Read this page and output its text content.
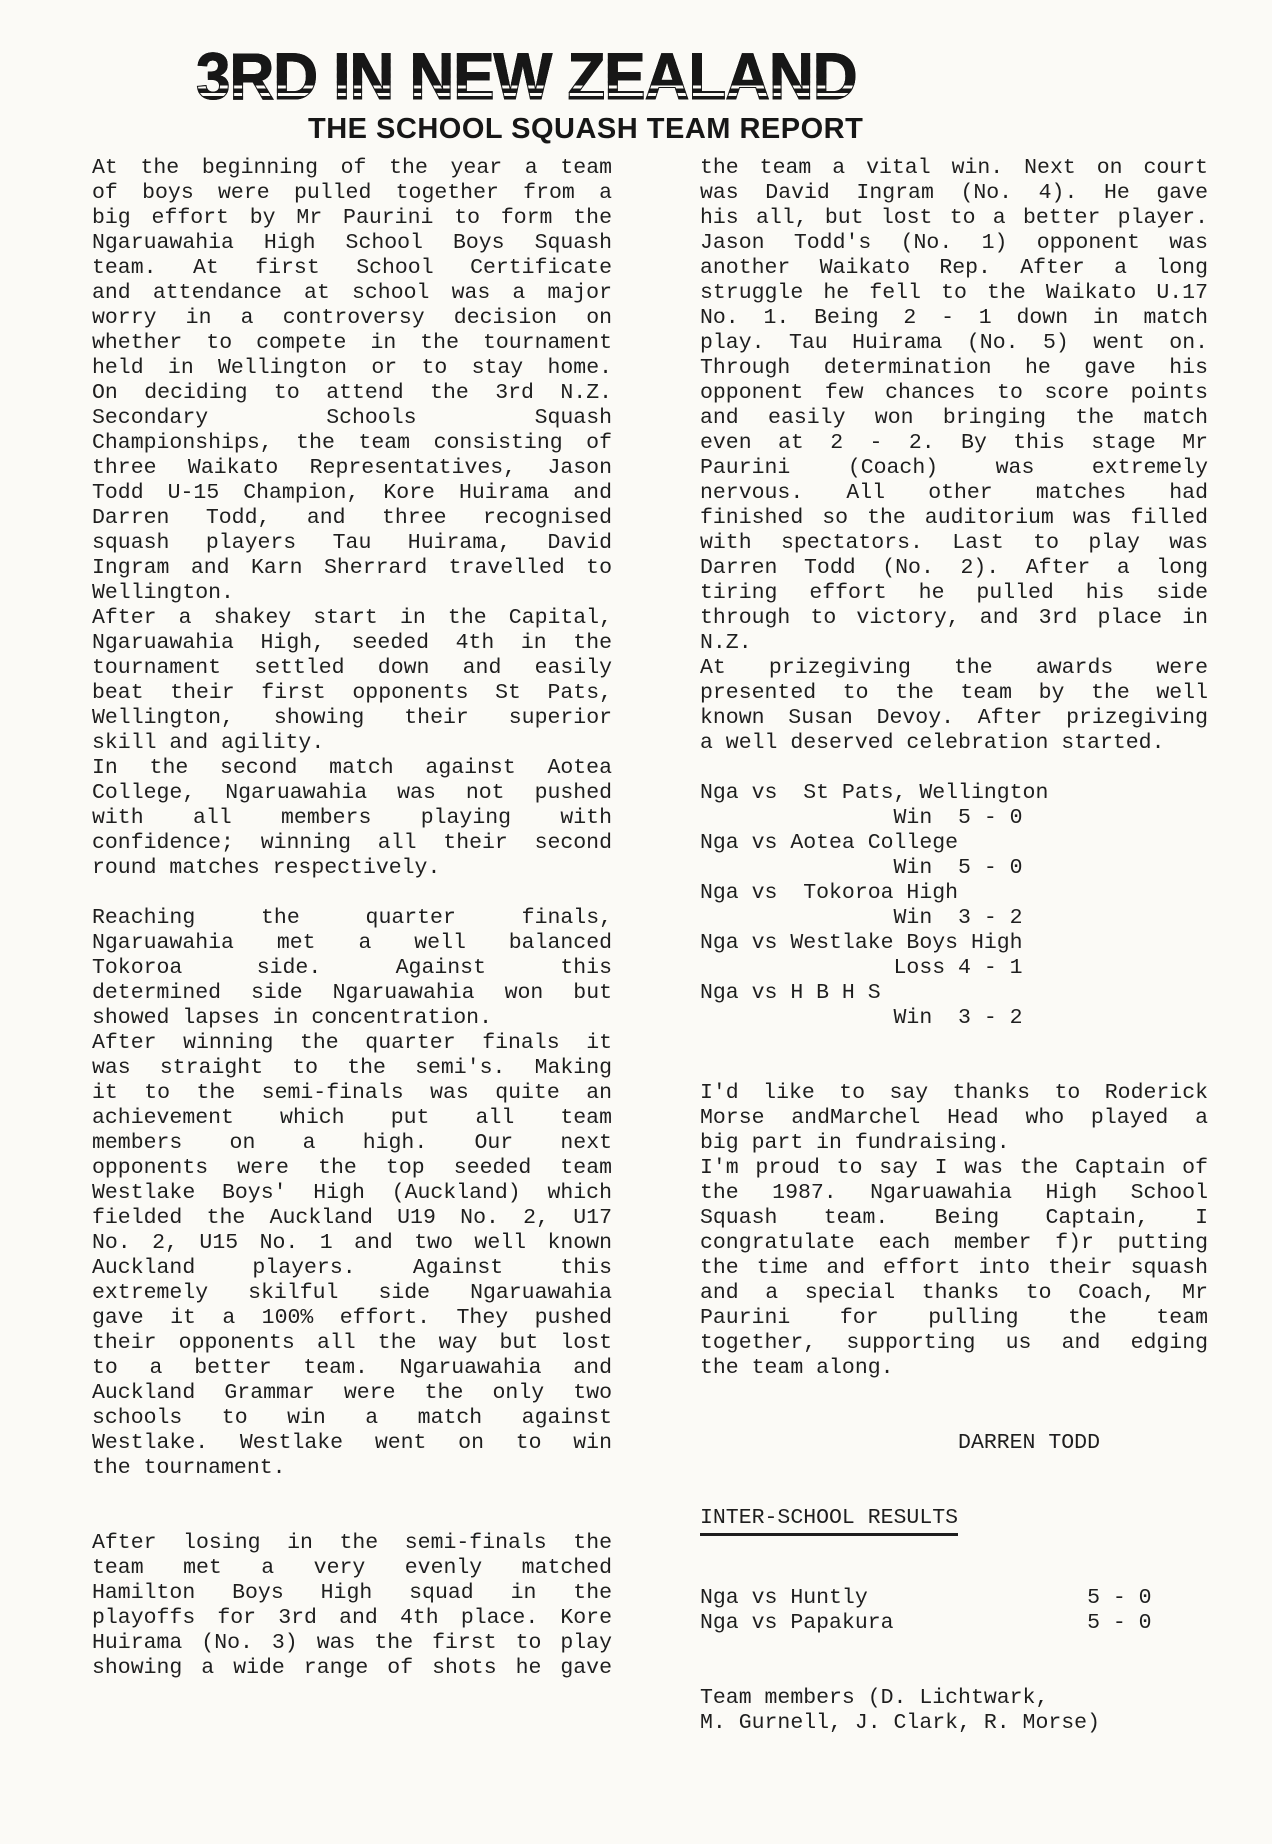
3RD IN NEW ZEALAND
THE SCHOOL SQUASH TEAM REPORT
At the beginning of the year a team
of boys were pulled together from a
big effort by Mr Paurini to form the
Ngaruawahia High School Boys Squash
team. At first School Certificate
and attendance at school was a major
worry in a controversy decision on
whether to compete in the tournament
held in Wellington or to stay home.
On deciding to attend the 3rd N.Z.
Secondary Schools Squash
Championships, the team consisting of
three Waikato Representatives, Jason
Todd U-15 Champion, Kore Huirama and
Darren Todd, and three recognised
squash players Tau Huirama, David
Ingram and Karn Sherrard travelled to
Wellington.
After a shakey start in the Capital,
Ngaruawahia High, seeded 4th in the
tournament settled down and easily
beat their first opponents St Pats,
Wellington, showing their superior
skill and agility.
In the second match against Aotea
College, Ngaruawahia was not pushed
with all members playing with
confidence; winning all their second
round matches respectively.
Reaching the quarter finals,
Ngaruawahia met a well balanced
Tokoroa side. Against this
determined side Ngaruawahia won but
showed lapses in concentration.
After winning the quarter finals it
was straight to the semi's. Making
it to the semi-finals was quite an
achievement which put all team
members on a high. Our next
opponents were the top seeded team
Westlake Boys' High (Auckland) which
fielded the Auckland U19 No. 2, U17
No. 2, U15 No. 1 and two well known
Auckland players. Against this
extremely skilful side Ngaruawahia
gave it a 100% effort. They pushed
their opponents all the way but lost
to a better team. Ngaruawahia and
Auckland Grammar were the only two
schools to win a match against
Westlake. Westlake went on to win
the tournament.
After losing in the semi-finals the
team met a very evenly matched
Hamilton Boys High squad in the
playoffs for 3rd and 4th place. Kore
Huirama (No. 3) was the first to play
showing a wide range of shots he gave
the team a vital win. Next on court
was David Ingram (No. 4). He gave
his all, but lost to a better player.
Jason Todd's (No. 1) opponent was
another Waikato Rep. After a long
struggle he fell to the Waikato U.17
No. 1. Being 2 - 1 down in match
play. Tau Huirama (No. 5) went on.
Through determination he gave his
opponent few chances to score points
and easily won bringing the match
even at 2 - 2. By this stage Mr
Paurini (Coach) was extremely
nervous. All other matches had
finished so the auditorium was filled
with spectators. Last to play was
Darren Todd (No. 2). After a long
tiring effort he pulled his side
through to victory, and 3rd place in
N.Z.
At prizegiving the awards were
presented to the team by the well
known Susan Devoy. After prizegiving
a well deserved celebration started.
Nga vs  St Pats, Wellington
Win  5 - 0
Nga vs Aotea College
Win  5 - 0
Nga vs  Tokoroa High
Win  3 - 2
Nga vs Westlake Boys High
Loss 4 - 1
Nga vs H B H S
Win  3 - 2
I'd like to say thanks to Roderick
Morse andMarchel Head who played a
big part in fundraising.
I'm proud to say I was the Captain of
the 1987. Ngaruawahia High School
Squash team. Being Captain, I
congratulate each member f)r putting
the time and effort into their squash
and a special thanks to Coach, Mr
Paurini for pulling the team
together, supporting us and edging
the team along.
DARREN TODD
INTER-SCHOOL RESULTS
Nga vs Huntly                 5 - 0
Nga vs Papakura               5 - 0
Team members (D. Lichtwark,
M. Gurnell, J. Clark, R. Morse)
